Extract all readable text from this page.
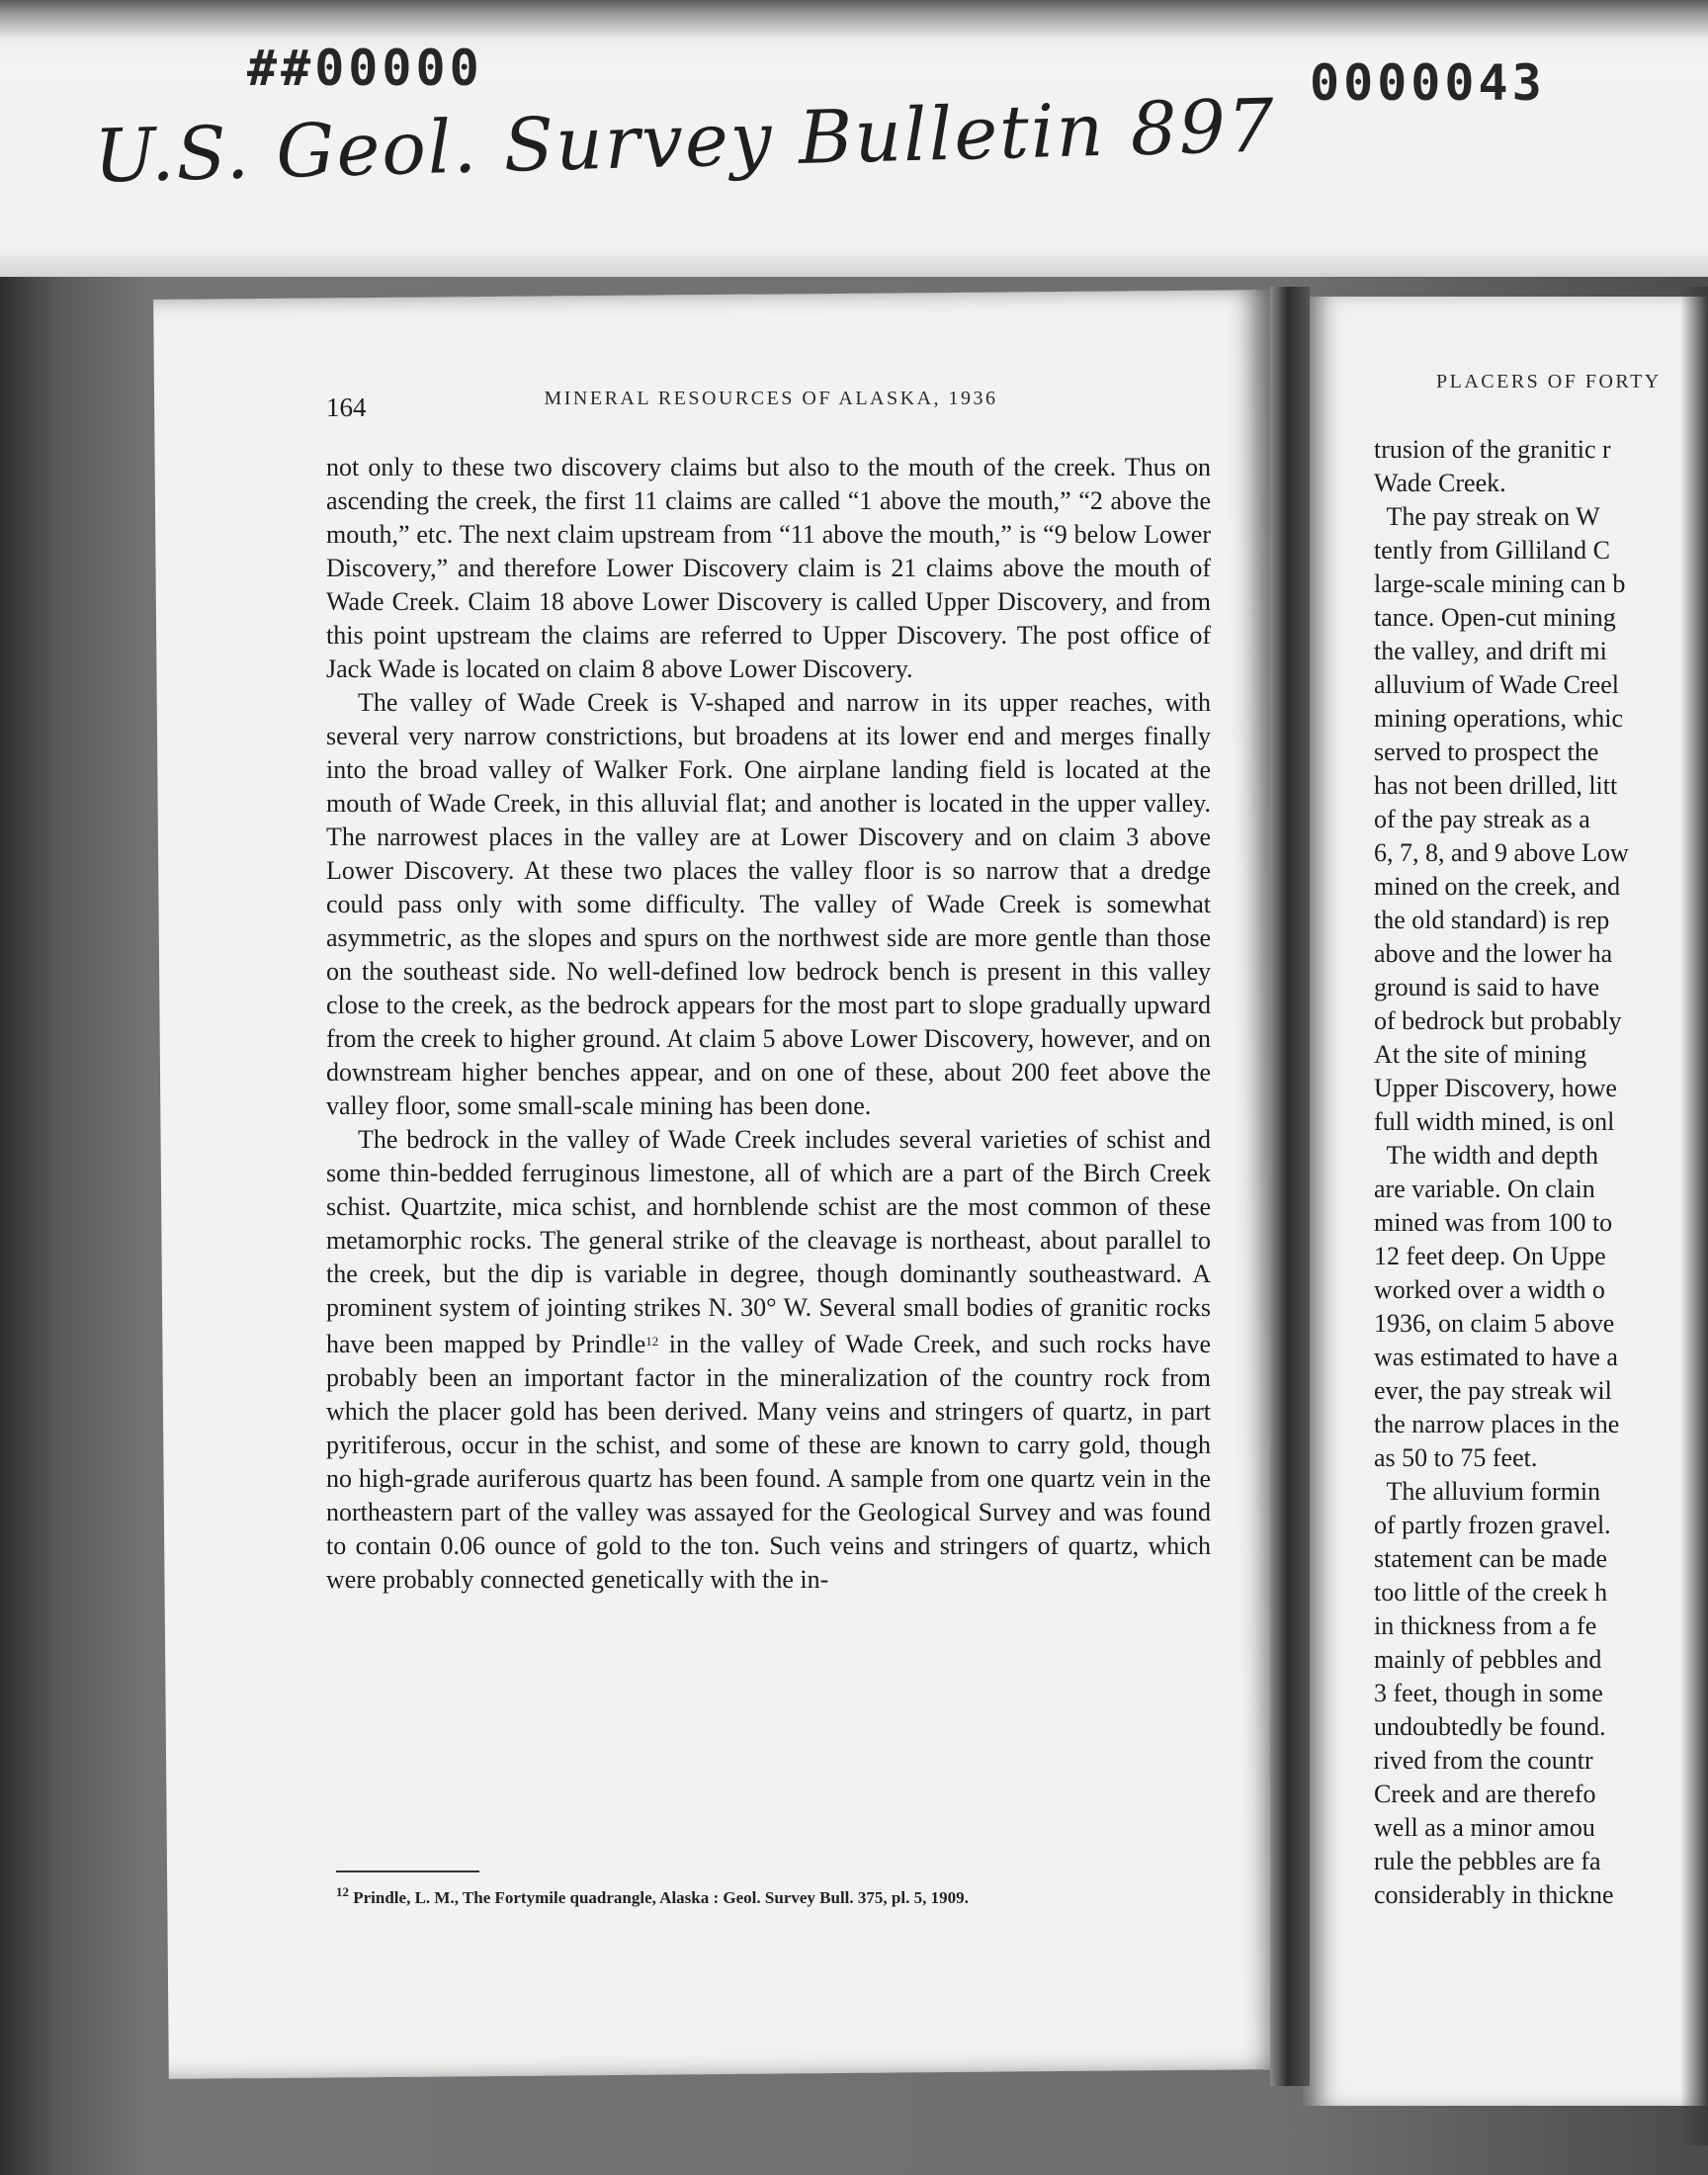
##00000	0000043
U.S. Geol. Survey Bulletin 897
164	MINERAL RESOURCES OF ALASKA, 1936

not only to these two discovery claims but also to the mouth of the creek. Thus on ascending the creek, the first 11 claims are called “1 above the mouth,” “2 above the mouth,” etc. The next claim upstream from “11 above the mouth,” is “9 below Lower Discovery,” and therefore Lower Discovery claim is 21 claims above the mouth of Wade Creek. Claim 18 above Lower Discovery is called Upper Discovery, and from this point upstream the claims are referred to Upper Discovery. The post office of Jack Wade is located on claim 8 above Lower Discovery.

The valley of Wade Creek is V-shaped and narrow in its upper reaches, with several very narrow constrictions, but broadens at its lower end and merges finally into the broad valley of Walker Fork. One airplane landing field is located at the mouth of Wade Creek, in this alluvial flat; and another is located in the upper valley. The narrowest places in the valley are at Lower Discovery and on claim 3 above Lower Discovery. At these two places the valley floor is so narrow that a dredge could pass only with some difficulty. The valley of Wade Creek is somewhat asymmetric, as the slopes and spurs on the northwest side are more gentle than those on the southeast side. No well-defined low bedrock bench is present in this valley close to the creek, as the bedrock appears for the most part to slope gradually upward from the creek to higher ground. At claim 5 above Lower Discovery, however, and on downstream higher benches appear, and on one of these, about 200 feet above the valley floor, some small-scale mining has been done.

The bedrock in the valley of Wade Creek includes several varieties of schist and some thin-bedded ferruginous limestone, all of which are a part of the Birch Creek schist. Quartzite, mica schist, and hornblende schist are the most common of these metamorphic rocks. The general strike of the cleavage is northeast, about parallel to the creek, but the dip is variable in degree, though dominantly southeastward. A prominent system of jointing strikes N. 30° W. Several small bodies of granitic rocks have been mapped by Prindle$^{12}$ in the valley of Wade Creek, and such rocks have probably been an important factor in the mineralization of the country rock from which the placer gold has been derived. Many veins and stringers of quartz, in part pyritiferous, occur in the schist, and some of these are known to carry gold, though no high-grade auriferous quartz has been found. A sample from one quartz vein in the northeastern part of the valley was assayed for the Geological Survey and was found to contain 0.06 ounce of gold to the ton. Such veins and stringers of quartz, which were probably connected genetically with the in-

$^{12}$ Prindle, L. M., The Fortymile quadrangle, Alaska : Geol. Survey Bull. 375, pl. 5, 1909.
PLACERS OF FORTY
trusion of the granitic r
Wade Creek.
The pay streak on W
tently from Gilliland C
large-scale mining can b
tance. Open-cut mining
the valley, and drift mi
alluvium of Wade Creel
mining operations, whic
served to prospect the
has not been drilled, litt
of the pay streak as a
6, 7, 8, and 9 above Low
mined on the creek, and
the old standard) is rep
above and the lower ha
ground is said to have
of bedrock but probably
At the site of mining
Upper Discovery, howe
full width mined, is onl
The width and depth
are variable. On clain
mined was from 100 to
12 feet deep. On Uppe
worked over a width o
1936, on claim 5 above
was estimated to have a
ever, the pay streak wil
the narrow places in the
as 50 to 75 feet.
The alluvium formin
of partly frozen gravel.
statement can be made
too little of the creek h
in thickness from a fe
mainly of pebbles and
3 feet, though in some
undoubtedly be found.
rived from the countr
Creek and are therefo
well as a minor amou
rule the pebbles are fa
considerably in thickne
